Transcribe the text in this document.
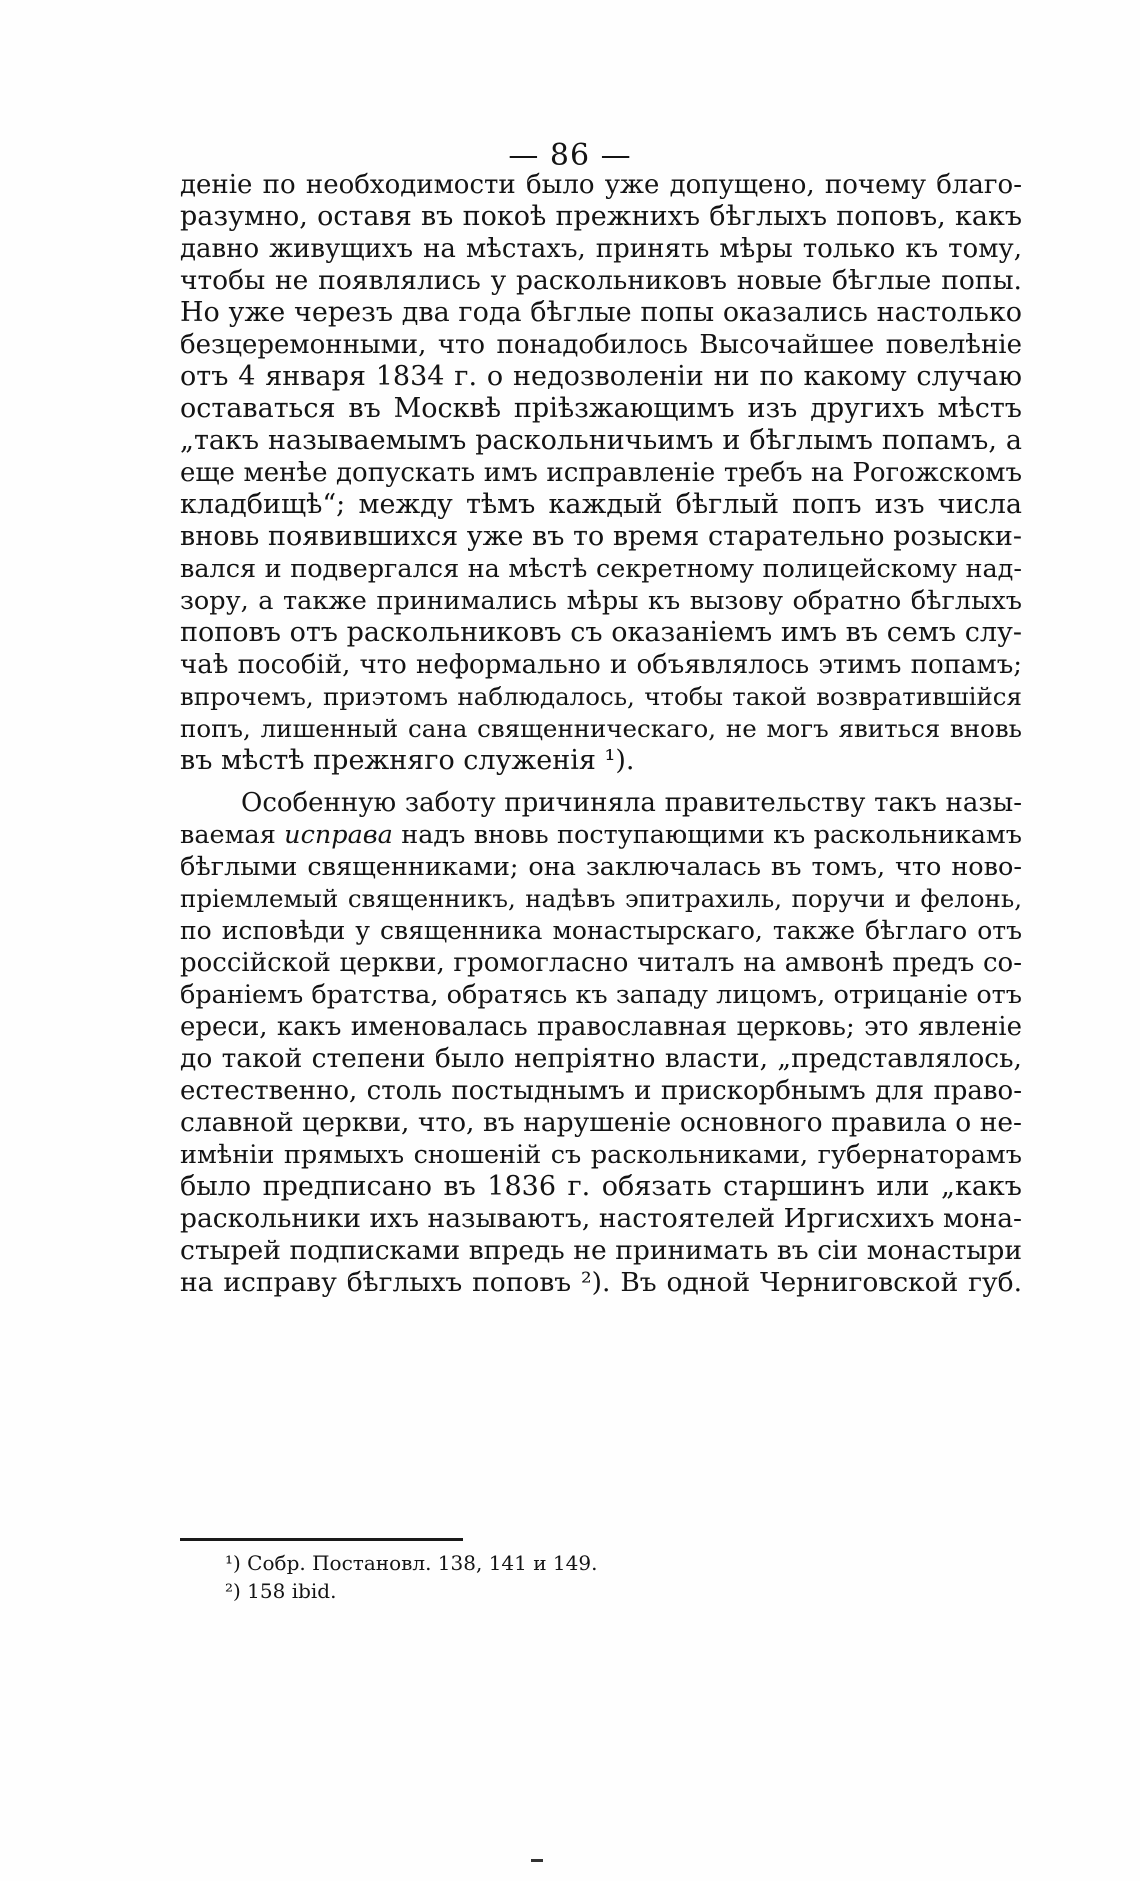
— 86 —
деніе по необходимости было уже допущено, почему благо-
разумно, оставя въ покоѣ прежнихъ бѣглыхъ поповъ, какъ
давно живущихъ на мѣстахъ, принять мѣры только къ тому,
чтобы не появлялись у раскольниковъ новые бѣглые попы.
Но уже черезъ два года бѣглые попы оказались настолько
безцеремонными, что понадобилось Высочайшее повелѣніе
отъ 4 января 1834 г. о недозволеніи ни по какому случаю
оставаться въ Москвѣ пріѣзжающимъ изъ другихъ мѣстъ
„такъ называемымъ раскольничьимъ и бѣглымъ попамъ, а
еще менѣе допускать имъ исправленіе требъ на Рогожскомъ
кладбищѣ“; между тѣмъ каждый бѣглый попъ изъ числа
вновь появившихся уже въ то время старательно розыски-
вался и подвергался на мѣстѣ секретному полицейскому над-
зору, а также принимались мѣры къ вызову обратно бѣглыхъ
поповъ отъ раскольниковъ съ оказаніемъ имъ въ семъ слу-
чаѣ пособій, что неформально и объявлялось этимъ попамъ;
впрочемъ, приэтомъ наблюдалось, чтобы такой возвратившійся
попъ, лишенный сана священническаго, не могъ явиться вновь
въ мѣстѣ прежняго служенія ¹).
Особенную заботу причиняла правительству такъ назы-
ваемая исправа надъ вновь поступающими къ раскольникамъ
бѣглыми священниками; она заключалась въ томъ, что ново-
пріемлемый священникъ, надѣвъ эпитрахиль, поручи и фелонь,
по исповѣди у священника монастырскаго, также бѣглаго отъ
россійской церкви, громогласно читалъ на амвонѣ предъ со-
браніемъ братства, обратясь къ западу лицомъ, отрицаніе отъ
ереси, какъ именовалась православная церковь; это явленіе
до такой степени было непріятно власти, „представлялось,
естественно, столь постыднымъ и прискорбнымъ для право-
славной церкви, что, въ нарушеніе основного правила о не-
имѣніи прямыхъ сношеній съ раскольниками, губернаторамъ
было предписано въ 1836 г. обязать старшинъ или „какъ
раскольники ихъ называютъ, настоятелей Иргисхихъ мона-
стырей подписками впредь не принимать въ сіи монастыри
на исправу бѣглыхъ поповъ ²). Въ одной Черниговской губ.
¹) Собр. Постановл. 138, 141 и 149.
²) 158 ibid.
